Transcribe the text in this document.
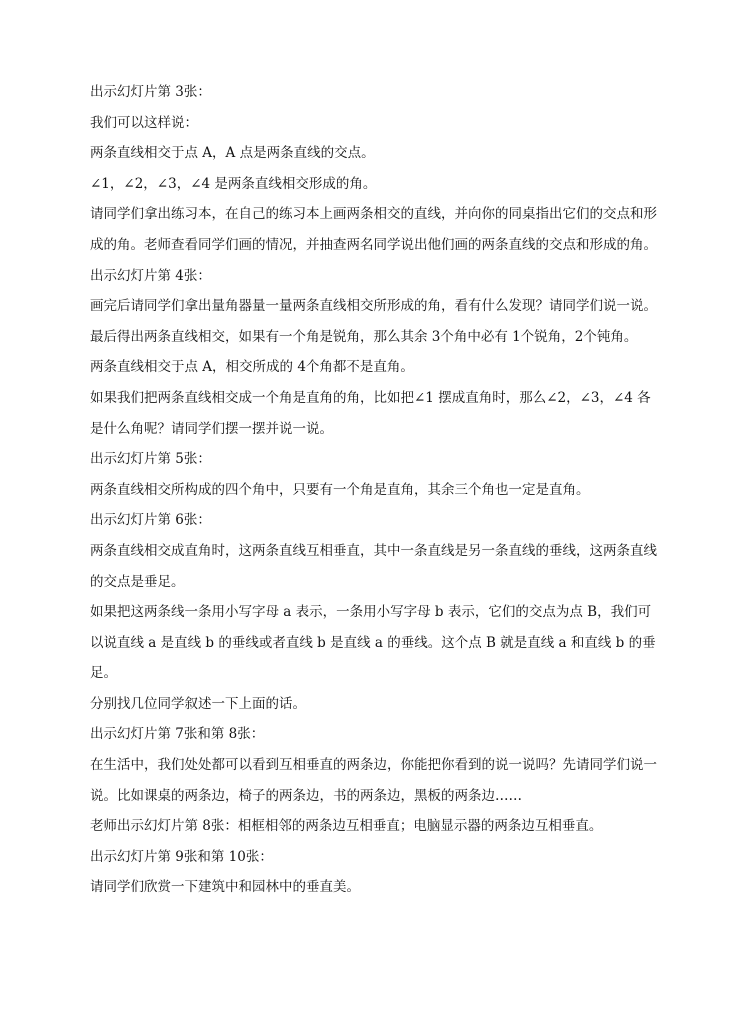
出示幻灯片第 3张：

我们可以这样说：

两条直线相交于点 A，A 点是两条直线的交点。

∠1，∠2，∠3，∠4 是两条直线相交形成的角。

请同学们拿出练习本，在自己的练习本上画两条相交的直线，并向你的同桌指出它们的交点和形成的角。老师查看同学们画的情况，并抽查两名同学说出他们画的两条直线的交点和形成的角。

出示幻灯片第 4张：

画完后请同学们拿出量角器量一量两条直线相交所形成的角，看有什么发现？请同学们说一说。

最后得出两条直线相交，如果有一个角是锐角，那么其余 3个角中必有 1个锐角，2个钝角。

两条直线相交于点 A，相交所成的 4个角都不是直角。

如果我们把两条直线相交成一个角是直角的角，比如把∠1 摆成直角时，那么∠2，∠3，∠4 各是什么角呢？请同学们摆一摆并说一说。

出示幻灯片第 5张：

两条直线相交所构成的四个角中，只要有一个角是直角，其余三个角也一定是直角。

出示幻灯片第 6张：

两条直线相交成直角时，这两条直线互相垂直，其中一条直线是另一条直线的垂线，这两条直线的交点是垂足。

如果把这两条线一条用小写字母 a 表示，一条用小写字母 b 表示，它们的交点为点 B，我们可以说直线 a 是直线 b 的垂线或者直线 b 是直线 a 的垂线。这个点 B 就是直线 a 和直线 b 的垂足。

分别找几位同学叙述一下上面的话。

出示幻灯片第 7张和第 8张：

在生活中，我们处处都可以看到互相垂直的两条边，你能把你看到的说一说吗？先请同学们说一说。比如课桌的两条边，椅子的两条边，书的两条边，黑板的两条边……

老师出示幻灯片第 8张：相框相邻的两条边互相垂直；电脑显示器的两条边互相垂直。

出示幻灯片第 9张和第 10张：

请同学们欣赏一下建筑中和园林中的垂直美。
